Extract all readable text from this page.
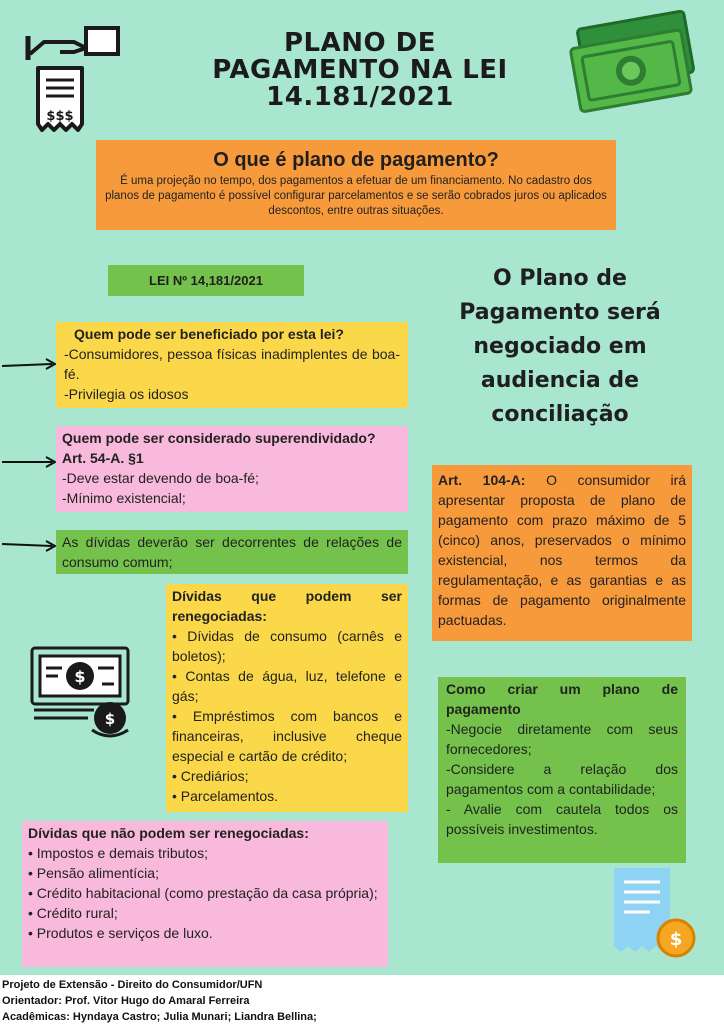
$$$
PLANO DE
PAGAMENTO NA LEI
14.181/2021
O que é plano de pagamento?
É uma projeção no tempo, dos pagamentos a efetuar de um financiamento. No cadastro dos planos de pagamento é possível configurar parcelamentos e se serão cobrados juros ou aplicados descontos, entre outras situações.
LEI Nº 14,181/2021	O Plano de
Pagamento será
negociado em
audiencia de
conciliação
Quem pode ser beneficiado por esta lei?
-Consumidores, pessoa físicas inadimplentes de boa-fé.
-Privilegia os idosos
Quem pode ser considerado superendividado?
Art. 54-A. §1
-Deve estar devendo de boa-fé;
-Mínimo existencial;
As dívidas deverão ser decorrentes de relações de consumo comum;
Art. 104-A: O consumidor irá apresentar proposta de plano de pagamento com prazo máximo de 5 (cinco) anos, preservados o mínimo existencial, nos termos da regulamentação, e as garantias e as formas de pagamento originalmente pactuadas.
$
$
Dívidas que podem ser renegociadas:
• Dívidas de consumo (carnês e boletos);
• Contas de água, luz, telefone e gás;
• Empréstimos com bancos e financeiras, inclusive cheque especial e cartão de crédito;
• Crediários;
• Parcelamentos.
Como criar um plano de pagamento
-Negocie diretamente com seus fornecedores;
-Considere a relação dos pagamentos com a contabilidade;
- Avalie com cautela todos os possíveis investimentos.
Dívidas que não podem ser renegociadas:
• Impostos e demais tributos;
• Pensão alimentícia;
• Crédito habitacional (como prestação da casa própria);
• Crédito rural;
• Produtos e serviços de luxo.	$
Projeto de Extensão - Direito do Consumidor/UFN
Orientador: Prof. Vitor Hugo do Amaral Ferreira
Acadêmicas: Hyndaya Castro; Julia Munari; Liandra Bellina;
